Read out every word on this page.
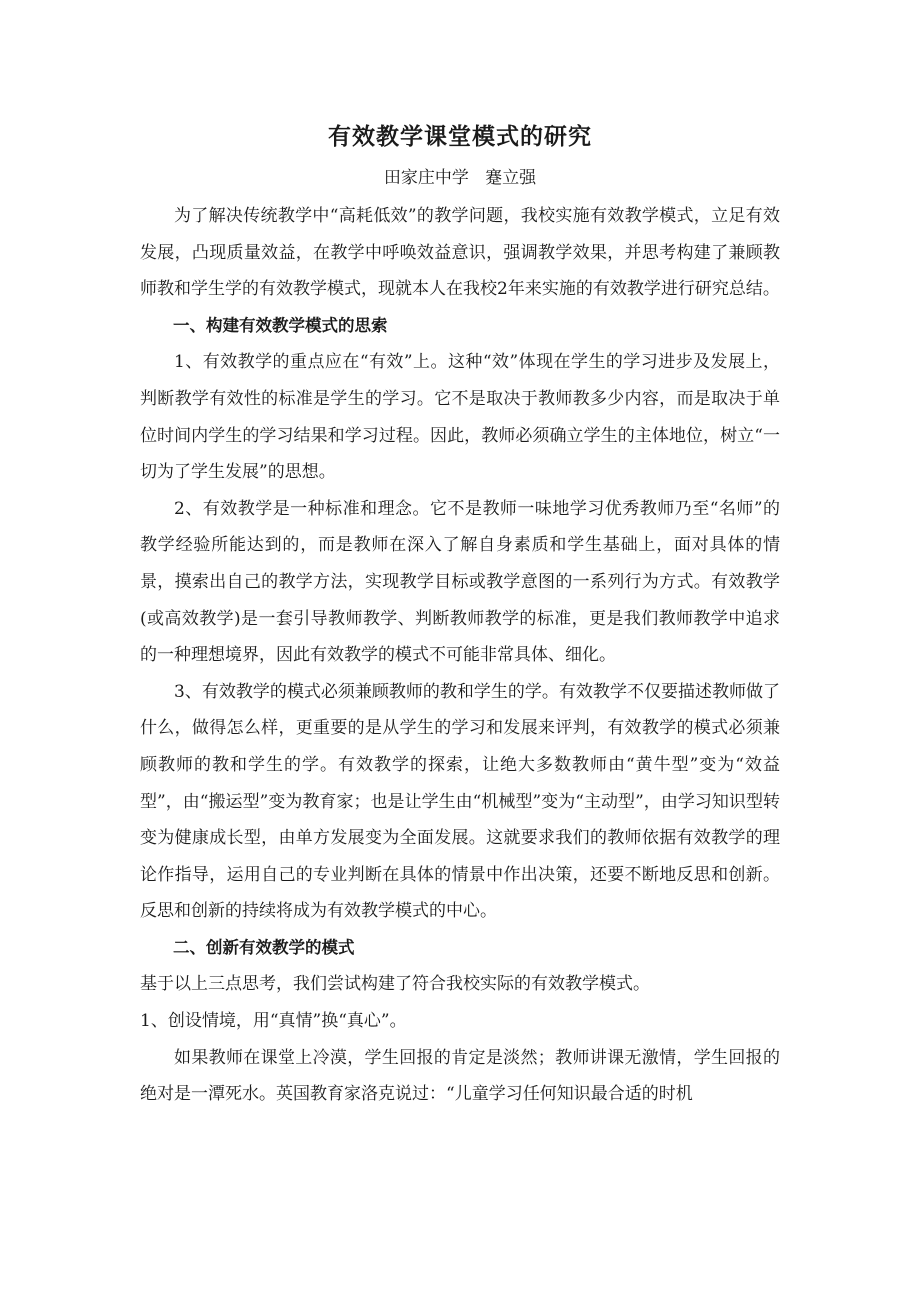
有效教学课堂模式的研究
田家庄中学   蹇立强

为了解决传统教学中“高耗低效”的教学问题，我校实施有效教学模式，立足有效发展，凸现质量效益，在教学中呼唤效益意识，强调教学效果，并思考构建了兼顾教师教和学生学的有效教学模式，现就本人在我校2年来实施的有效教学进行研究总结。

一、构建有效教学模式的思索

1、有效教学的重点应在“有效”上。这种“效”体现在学生的学习进步及发展上，判断教学有效性的标准是学生的学习。它不是取决于教师教多少内容，而是取决于单位时间内学生的学习结果和学习过程。因此，教师必须确立学生的主体地位，树立“一切为了学生发展”的思想。

2、有效教学是一种标准和理念。它不是教师一味地学习优秀教师乃至“名师”的教学经验所能达到的，而是教师在深入了解自身素质和学生基础上，面对具体的情景，摸索出自己的教学方法，实现教学目标或教学意图的一系列行为方式。有效教学(或高效教学)是一套引导教师教学、判断教师教学的标准，更是我们教师教学中追求的一种理想境界，因此有效教学的模式不可能非常具体、细化。

3、有效教学的模式必须兼顾教师的教和学生的学。有效教学不仅要描述教师做了什么，做得怎么样，更重要的是从学生的学习和发展来评判，有效教学的模式必须兼顾教师的教和学生的学。有效教学的探索，让绝大多数教师由“黄牛型”变为“效益型”，由“搬运型”变为教育家；也是让学生由“机械型”变为“主动型”，由学习知识型转变为健康成长型，由单方发展变为全面发展。这就要求我们的教师依据有效教学的理论作指导，运用自己的专业判断在具体的情景中作出决策，还要不断地反思和创新。反思和创新的持续将成为有效教学模式的中心。

二、创新有效教学的模式

基于以上三点思考，我们尝试构建了符合我校实际的有效教学模式。

1、创设情境，用“真情”换“真心”。

如果教师在课堂上冷漠，学生回报的肯定是淡然；教师讲课无激情，学生回报的绝对是一潭死水。英国教育家洛克说过：“儿童学习任何知识最合适的时机
